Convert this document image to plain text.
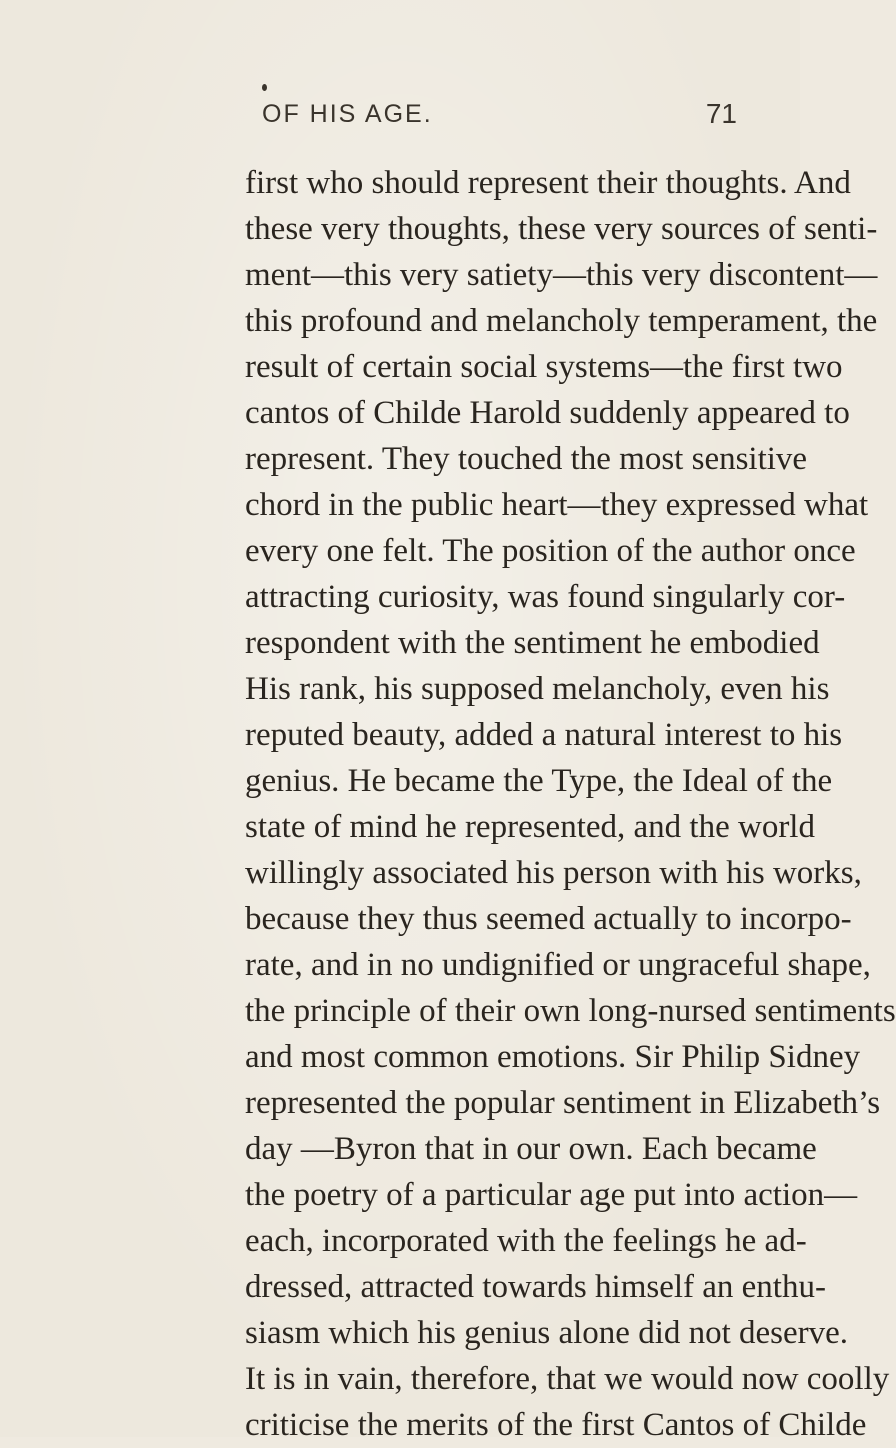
OF HIS AGE.	71
first who should represent their thoughts. And
these very thoughts, these very sources of senti-
ment—this very satiety—this very discontent—
this profound and melancholy temperament, the
result of certain social systems—the first two
cantos of Childe Harold suddenly appeared to
represent. They touched the most sensitive
chord in the public heart—they expressed what
every one felt. The position of the author once
attracting curiosity, was found singularly cor-
respondent with the sentiment he embodied
His rank, his supposed melancholy, even his
reputed beauty, added a natural interest to his
genius. He became the Type, the Ideal of the
state of mind he represented, and the world
willingly associated his person with his works,
because they thus seemed actually to incorpo-
rate, and in no undignified or ungraceful shape,
the principle of their own long-nursed sentiments
and most common emotions. Sir Philip Sidney
represented the popular sentiment in Elizabeth’s
day —Byron that in our own. Each became
the poetry of a particular age put into action—
each, incorporated with the feelings he ad-
dressed, attracted towards himself an enthu-
siasm which his genius alone did not deserve.
It is in vain, therefore, that we would now coolly
criticise the merits of the first Cantos of Childe
